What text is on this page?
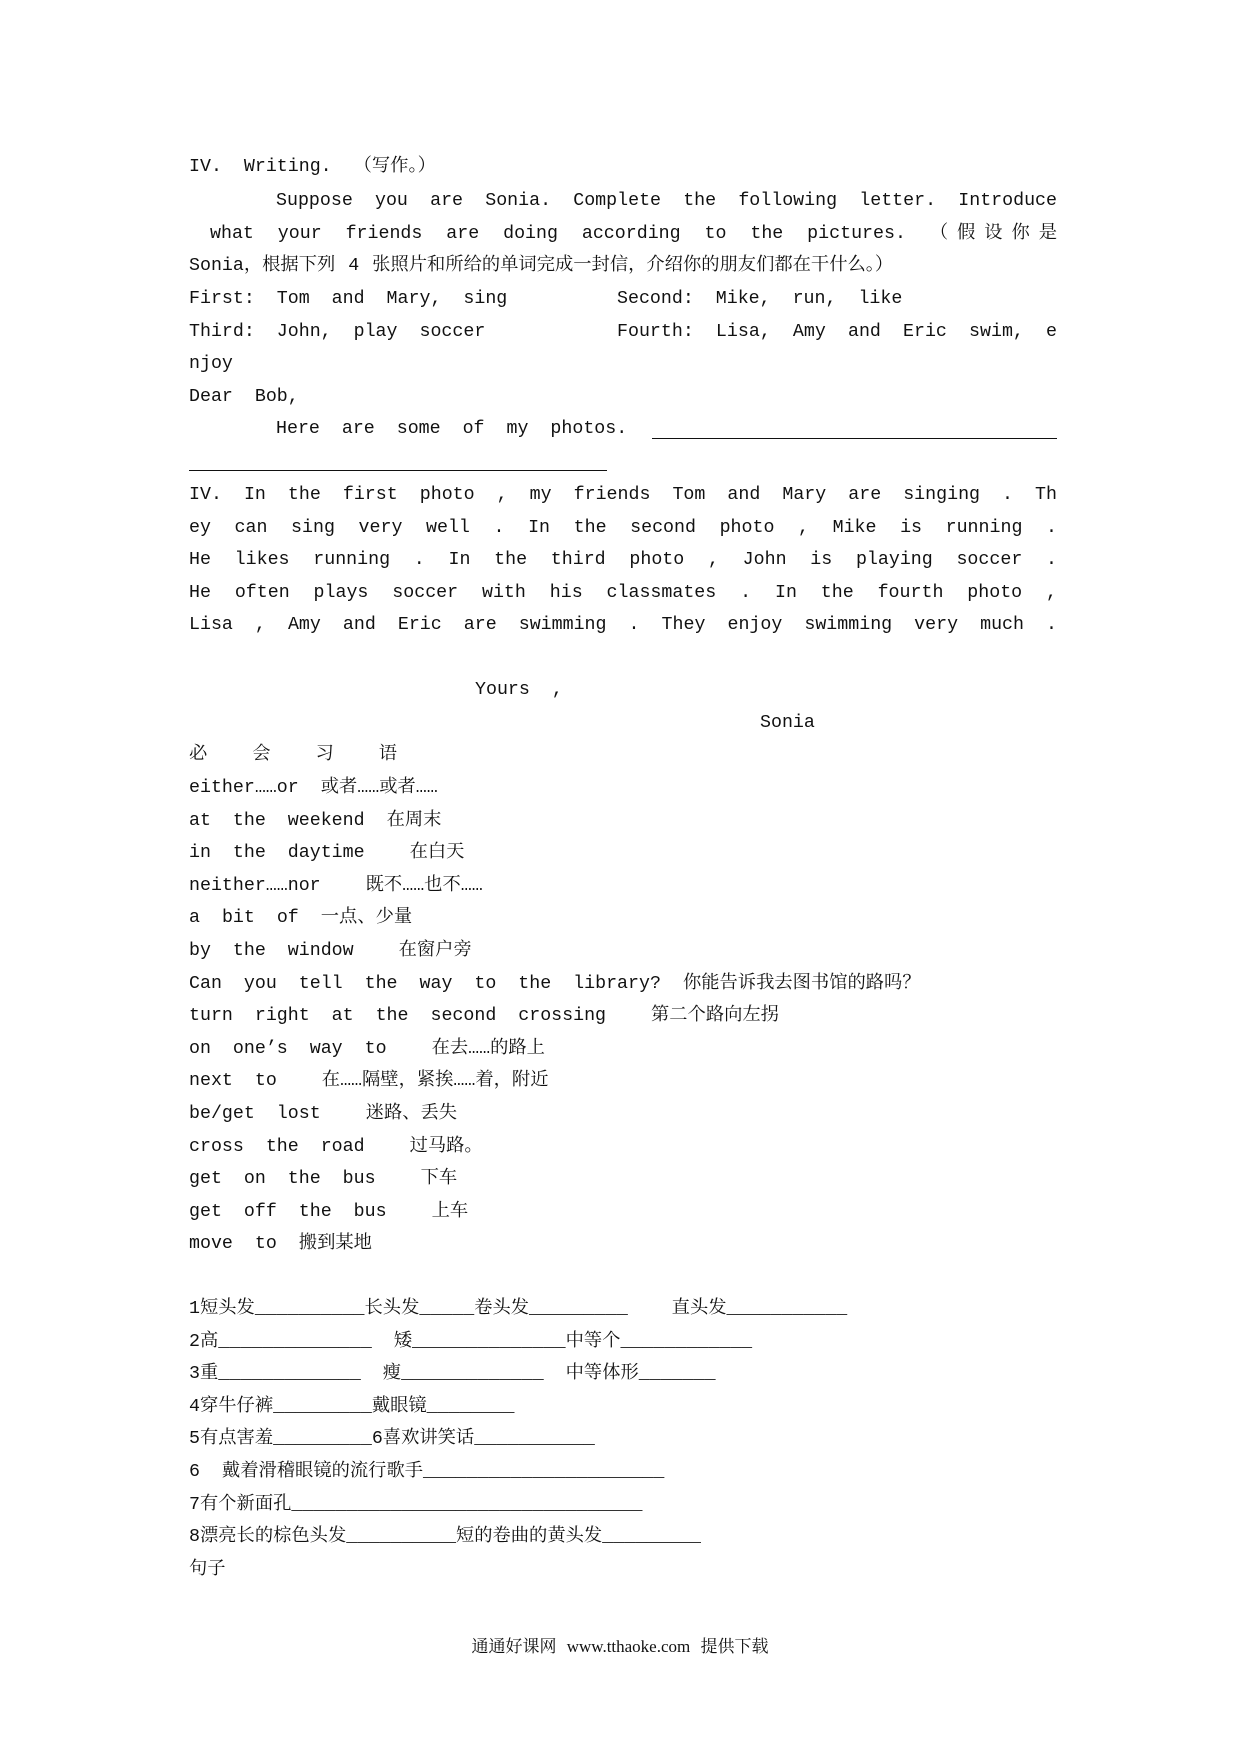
IV. Writing. （写作。）
Suppose you are Sonia. Complete the following letter. Introduce
what your friends are doing according to the pictures. （假设你是
Sonia，根据下列 4 张照片和所给的单词完成一封信，介绍你的朋友们都在干什么。）
First: Tom and Mary, sing	Second: Mike, run, like
Third: John, play soccer	Fourth: Lisa, Amy and Eric swim, e
njoy
Dear Bob,
Here are some of my photos.
IV. In the first photo , my friends Tom and Mary are singing . Th
ey can sing very well . In the second photo , Mike is running .
He likes running . In the third photo , John is playing soccer .
He often plays soccer with his classmates . In the fourth photo ,
Lisa , Amy and Eric are swimming . They enjoy swimming very much .
Yours ,
Sonia
必 会 习 语
either……or 或者……或者……
at the weekend 在周末
in the daytime 在白天
neither……nor 既不……也不……
a bit of 一点、少量
by the window 在窗户旁
Can you tell the way to the library? 你能告诉我去图书馆的路吗？
turn right at the second crossing 第二个路向左拐
on one’s way to 在去……的路上
next to 在……隔壁，紧挨……着，附近
be/get lost 迷路、丢失
cross the road 过马路。
get on the bus 下车
get off the bus 上车
move to 搬到某地
1短头发__________长头发_____卷头发_________    直头发___________
2高______________  矮______________中等个____________
3重_____________  瘦_____________  中等体形_______
4穿牛仔裤_________戴眼镜________
5有点害羞_________6喜欢讲笑话___________
6  戴着滑稽眼镜的流行歌手______________________
7有个新面孔________________________________
8漂亮长的棕色头发__________短的卷曲的黄头发_________
句子
通通好课网 www.tthaoke.com 提供下载
